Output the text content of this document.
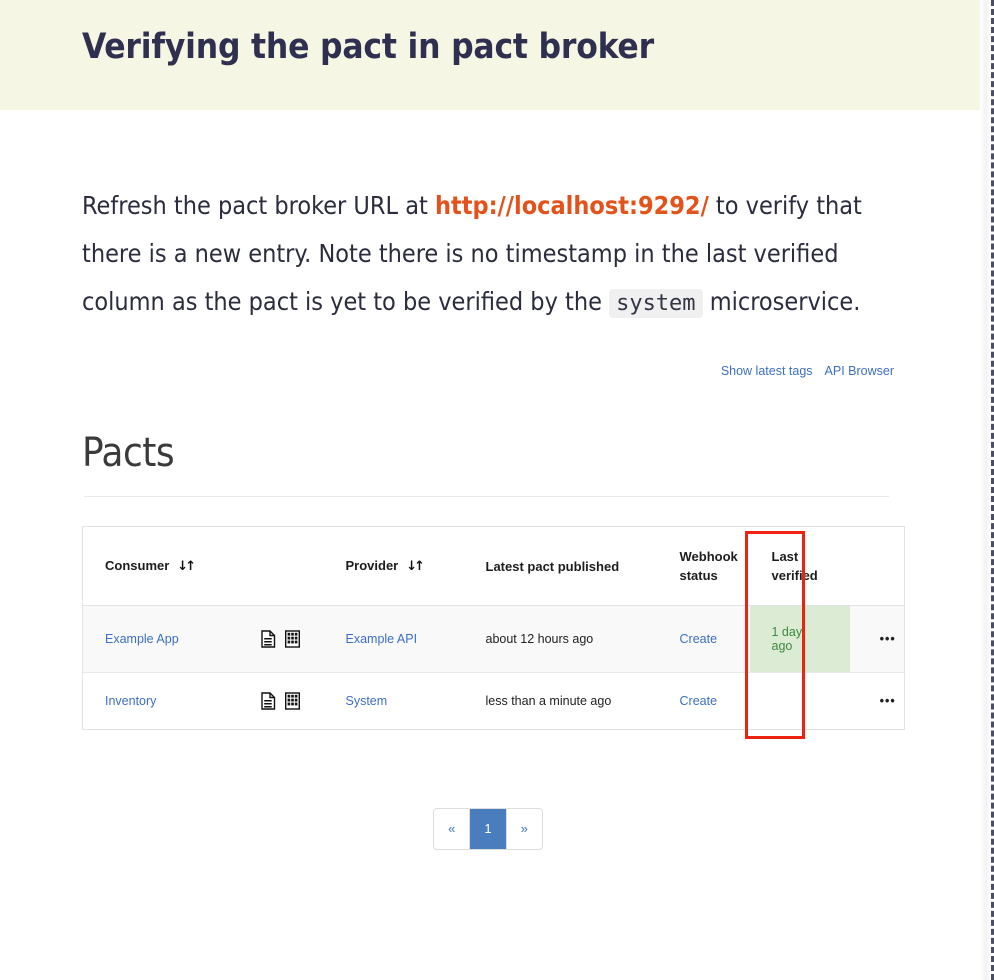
Verifying the pact in pact broker

Refresh the pact broker URL at http://localhost:9292/ to verify that there is a new entry. Note there is no timestamp in the last verified column as the pact is yet to be verified by the system microservice.

Show latest tags API Browser
Pacts
Consumer ↓↑		Provider ↓↑	Latest pact published	Webhook status	Last verified		
Example App		Example API	about 12 hours ago	Create	1 day ago		•••
Inventory		System	less than a minute ago	Create			•••
«	1	»
